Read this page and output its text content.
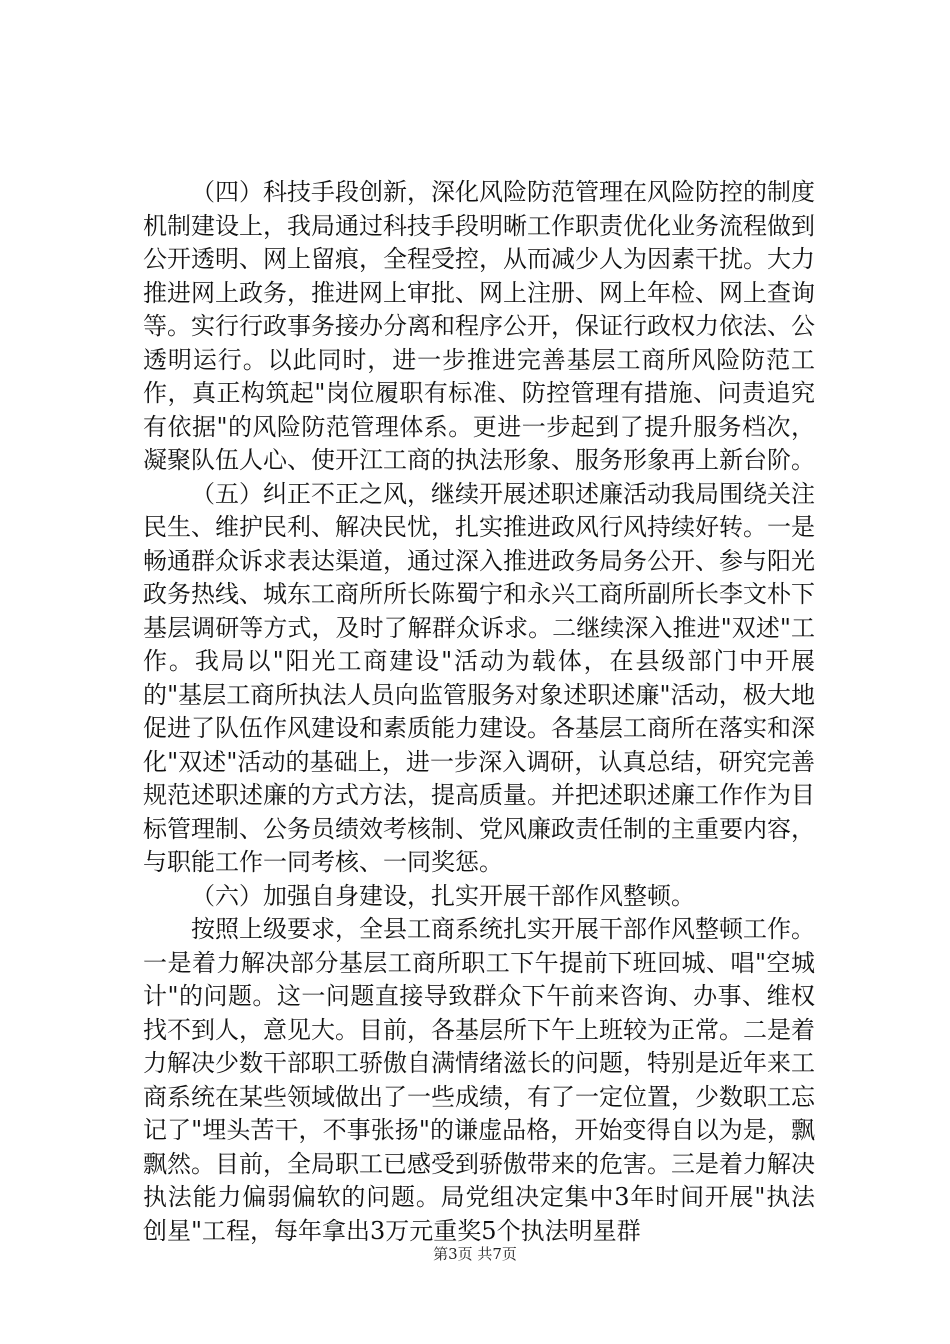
（四）科技手段创新，深化风险防范管理在风险防控的制度机制建设上，我局通过科技手段明晰工作职责优化业务流程做到公开透明、网上留痕，全程受控，从而减少人为因素干扰。大力推进网上政务，推进网上审批、网上注册、网上年检、网上查询等。实行行政事务接办分离和程序公开，保证行政权力依法、公透明运行。以此同时，进一步推进完善基层工商所风险防范工作，真正构筑起"岗位履职有标准、防控管理有措施、问责追究有依据"的风险防范管理体系。更进一步起到了提升服务档次，凝聚队伍人心、使开江工商的执法形象、服务形象再上新台阶。

（五）纠正不正之风，继续开展述职述廉活动我局围绕关注民生、维护民利、解决民忧，扎实推进政风行风持续好转。一是畅通群众诉求表达渠道，通过深入推进政务局务公开、参与阳光政务热线、城东工商所所长陈蜀宁和永兴工商所副所长李文朴下基层调研等方式，及时了解群众诉求。二继续深入推进"双述"工作。我局以"阳光工商建设"活动为载体，在县级部门中开展的"基层工商所执法人员向监管服务对象述职述廉"活动，极大地促进了队伍作风建设和素质能力建设。各基层工商所在落实和深化"双述"活动的基础上，进一步深入调研，认真总结，研究完善规范述职述廉的方式方法，提高质量。并把述职述廉工作作为目标管理制、公务员绩效考核制、党风廉政责任制的主重要内容，与职能工作一同考核、一同奖惩。

（六）加强自身建设，扎实开展干部作风整顿。

按照上级要求，全县工商系统扎实开展干部作风整顿工作。一是着力解决部分基层工商所职工下午提前下班回城、唱"空城计"的问题。这一问题直接导致群众下午前来咨询、办事、维权找不到人，意见大。目前，各基层所下午上班较为正常。二是着力解决少数干部职工骄傲自满情绪滋长的问题，特别是近年来工商系统在某些领域做出了一些成绩，有了一定位置，少数职工忘记了"埋头苦干，不事张扬"的谦虚品格，开始变得自以为是，飘飘然。目前，全局职工已感受到骄傲带来的危害。三是着力解决执法能力偏弱偏软的问题。局党组决定集中3年时间开展"执法创星"工程，每年拿出3万元重奖5个执法明星群

第3页 共7页
